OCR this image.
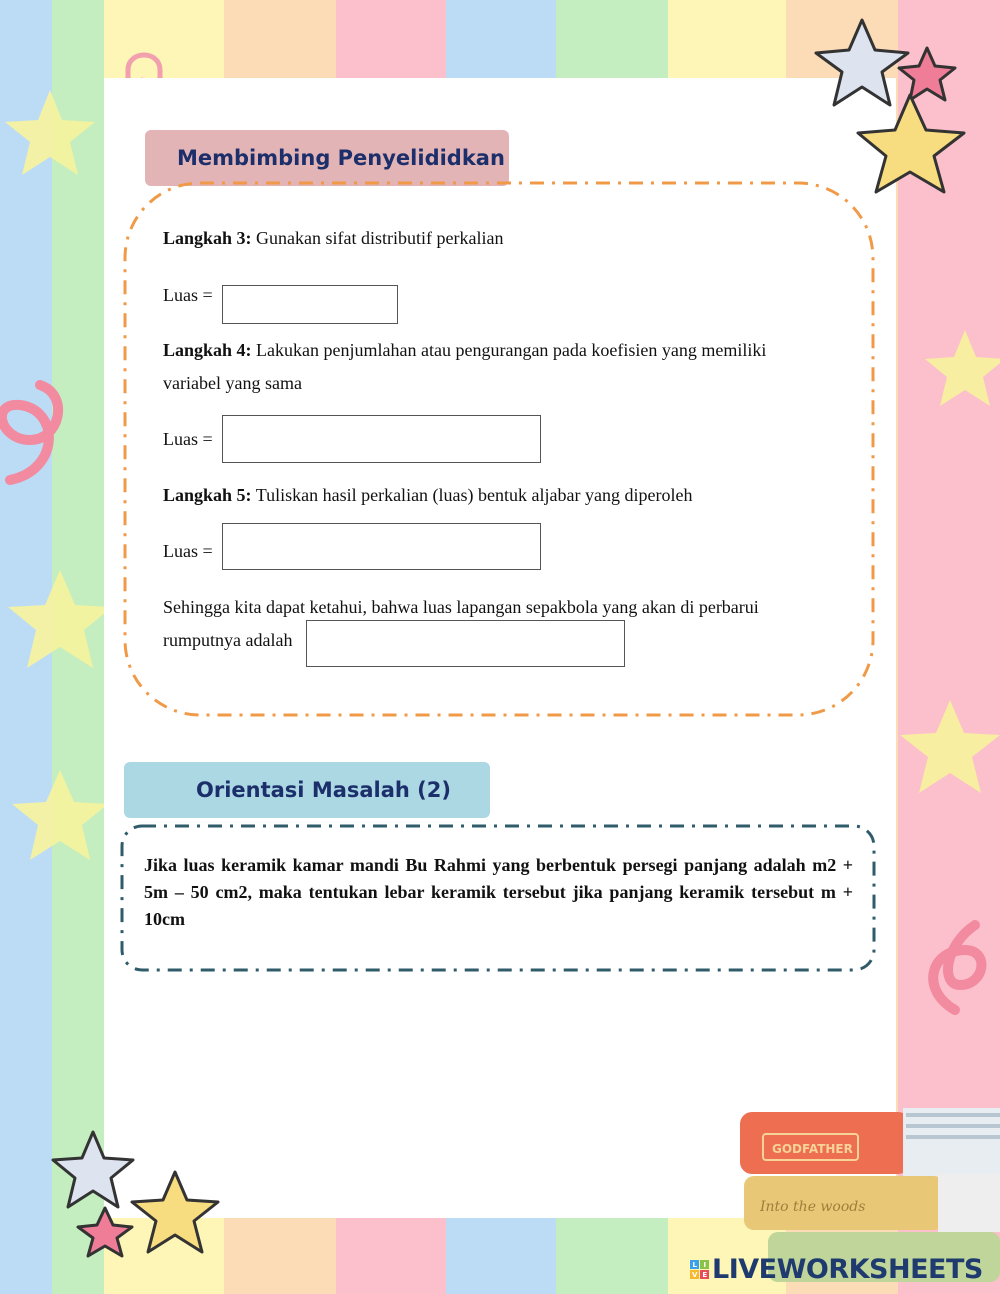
GODFATHER
Into the woods
Membimbing Penyelididkan
Langkah 3: Gunakan sifat distributif perkalian
Luas =
Langkah 4: Lakukan penjumlahan atau pengurangan pada koefisien yang memiliki
variabel yang sama
Luas =
Langkah 5: Tuliskan hasil perkalian (luas) bentuk aljabar yang diperoleh
Luas =
Sehingga kita dapat ketahui, bahwa luas lapangan sepakbola yang akan di perbarui
rumputnya adalah
Orientasi Masalah (2)
Jika luas keramik kamar mandi Bu Rahmi yang berbentuk persegi panjang adalah m2 + 5m – 50 cm2, maka tentukan lebar keramik tersebut jika panjang keramik tersebut m + 10cm
L I
V E LIVEWORKSHEETS
